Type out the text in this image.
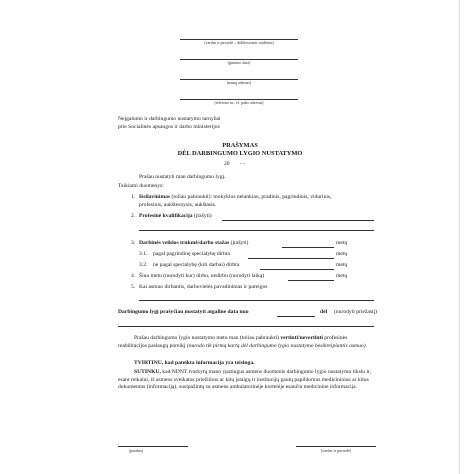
(vardas ir pavardė – didžiosiomis raidėmis)
(gimimo data)
(namų adresas)
(telefono nr., el. pašto adresas)
Neįgalumo ir darbingumo nustatymo tarnybai
prie Socialinės apsaugos ir darbo ministerijos
PRAŠYMAS
DĖL DARBINGUMO LYGIO NUSTATYMO
20 - -
Prašau nustatyti man darbingumo lygį.
Taikiami duomenys:
1. Išsilavinimas (toliau pabraukti): mokyklos nelankiau, pradinis, pagrindinis, vidurinis,
profesinis, aukštesnysis, aukštasis.
2. Profesinė kvalifikacija (įrašyti)
3. Darbinės veiklos trukmė/darbo stažas (įrašyti)	metų
3.1. pagal pagrindinę specialybę dirbta	metų
3.2. ne pagal specialybę (kiti darbai) dirbta	metų
4. Šiuo metu (nurodyti kur) dirbu, nedirbu (nurodyti laiką)	metų
5. Kai asmuo dirbantis, darbovietės pavadinimas ir pareigos
Darbingumo lygį prašyčiau nustatyti atgaline data nuo	dėl (nurodyti priežastį)
Prašau darbingumo lygio nustatymo metu man (toliau pabraukti) vertinti/nevertinti profesinės reabilitacijos paslaugų poreikį (nurodo tik pirmą kartą dėl darbingumo lygio nustatymo besikreipiantis asmuo).
TVIRTINU, kad pateikta informacija yra teisinga.
SUTINKU, kad NDNT tvarkytų mano ypatingus asmens duomenis darbingumo lygio nustatymo tikslu ir, esant reikalui, iš asmens sveikatos priežiūros ar kitų įstaigų ir institucijų gautų papildomus medicininius ar kitus dokumentus (informaciją), susipažintų su asmens ambulatorinėje kortelėje esančia medicinine informacija.
(parašas)	(vardas ir pavardė)
